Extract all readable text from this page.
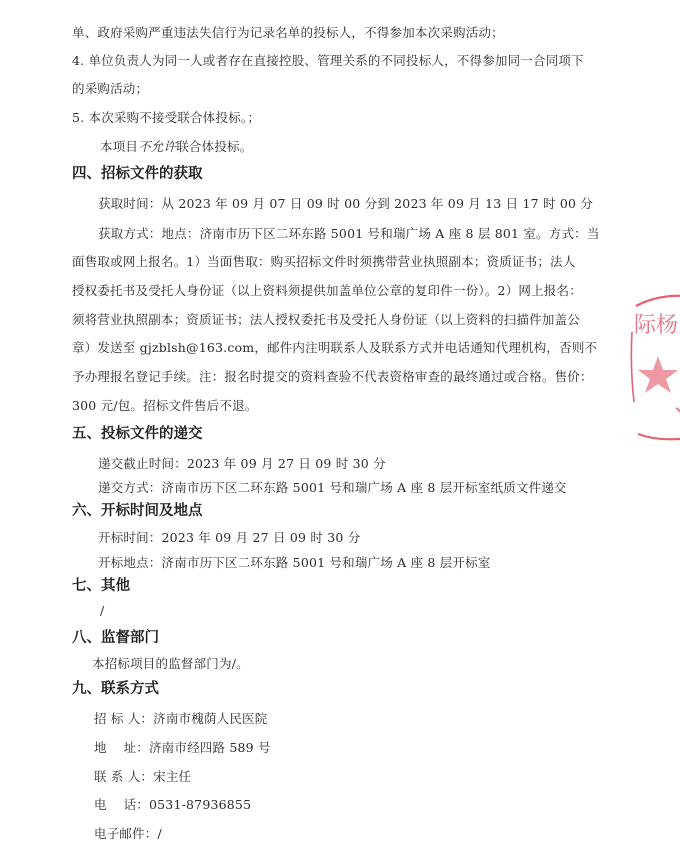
单、政府采购严重违法失信行为记录名单的投标人，不得参加本次采购活动；
4. 单位负责人为同一人或者存在直接控股、管理关系的不同投标人，不得参加同一合同项下
的采购活动；
5. 本次采购不接受联合体投标。；
本项目不允许联合体投标。
四、招标文件的获取
获取时间：从 2023 年 09 月 07 日 09 时 00 分到 2023 年 09 月 13 日 17 时 00 分
获取方式：地点：济南市历下区二环东路 5001 号和瑞广场 A 座 8 层 801 室。方式：当
面售取或网上报名。1）当面售取：购买招标文件时须携带营业执照副本；资质证书；法人
授权委托书及受托人身份证（以上资料须提供加盖单位公章的复印件一份）。2）网上报名：
须将营业执照副本；资质证书；法人授权委托书及受托人身份证（以上资料的扫描件加盖公
章）发送至 gjzblsh@163.com，邮件内注明联系人及联系方式并电话通知代理机构，否则不
予办理报名登记手续。注：报名时提交的资料查验不代表资格审查的最终通过或合格。售价：
300 元/包。招标文件售后不退。
五、投标文件的递交
递交截止时间：2023 年 09 月 27 日 09 时 30 分
递交方式：济南市历下区二环东路 5001 号和瑞广场 A 座 8 层开标室纸质文件递交
六、开标时间及地点
开标时间：2023 年 09 月 27 日 09 时 30 分
开标地点：济南市历下区二环东路 5001 号和瑞广场 A 座 8 层开标室
七、其他
/
八、监督部门
本招标项目的监督部门为/。
九、联系方式
招 标 人：济南市槐荫人民医院
地　 址：济南市经四路 589 号
联 系 人：宋主任
电　 话：0531-87936855
电子邮件：/
际杨
